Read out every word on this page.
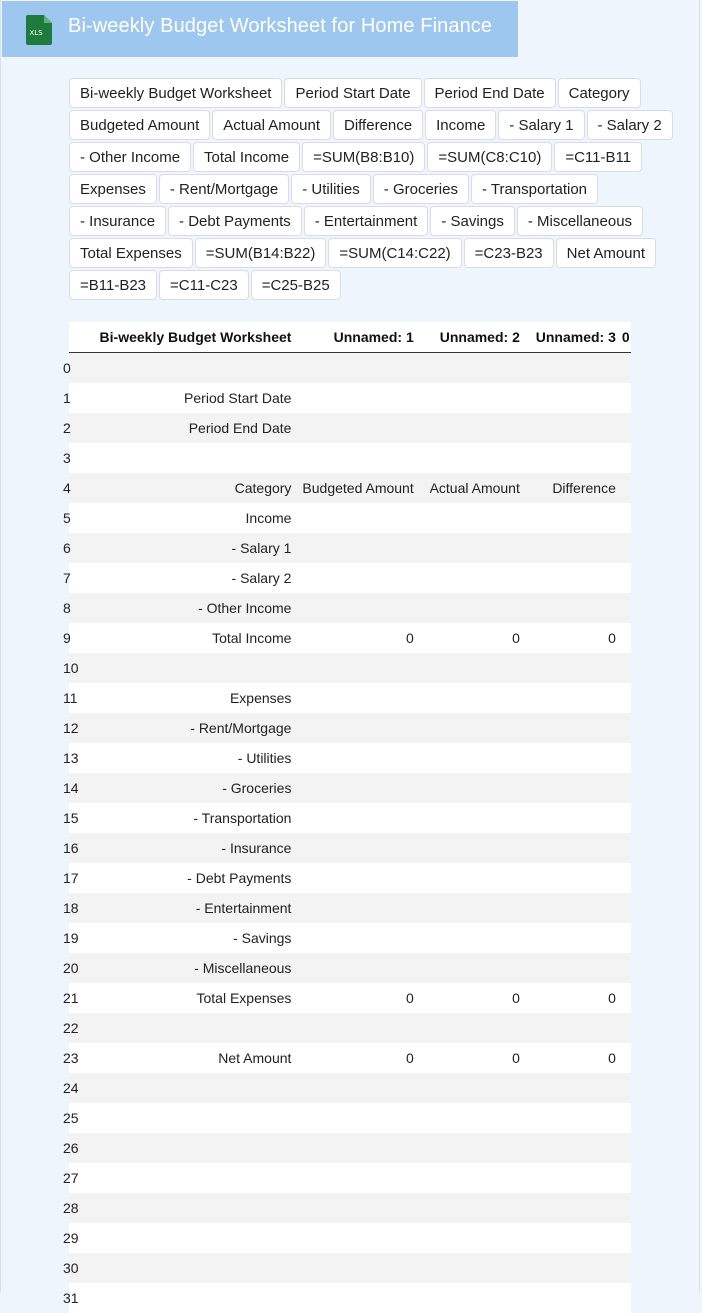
XLS Bi-weekly Budget Worksheet for Home Finance
Bi-weekly Budget Worksheet	Period Start Date	Period End Date	Category
Budgeted Amount	Actual Amount	Difference	Income	- Salary 1	- Salary 2
- Other Income	Total Income	=SUM(B8:B10)	=SUM(C8:C10)	=C11-B11
Expenses	- Rent/Mortgage	- Utilities	- Groceries	- Transportation
- Insurance	- Debt Payments	- Entertainment	- Savings	- Miscellaneous
Total Expenses	=SUM(B14:B22)	=SUM(C14:C22)	=C23-B23	Net Amount
=B11-B23	=C11-C23	=C25-B25
	Bi-weekly Budget Worksheet	Unnamed: 1	Unnamed: 2	Unnamed: 3	0
0					
1	Period Start Date				
2	Period End Date				
3					
4	Category	Budgeted Amount	Actual Amount	Difference	
5	Income				
6	- Salary 1				
7	- Salary 2				
8	- Other Income				
9	Total Income	0	0	0	
10					
11	Expenses				
12	- Rent/Mortgage				
13	- Utilities				
14	- Groceries				
15	- Transportation				
16	- Insurance				
17	- Debt Payments				
18	- Entertainment				
19	- Savings				
20	- Miscellaneous				
21	Total Expenses	0	0	0	
22					
23	Net Amount	0	0	0	
24					
25					
26					
27					
28					
29					
30					
31					
